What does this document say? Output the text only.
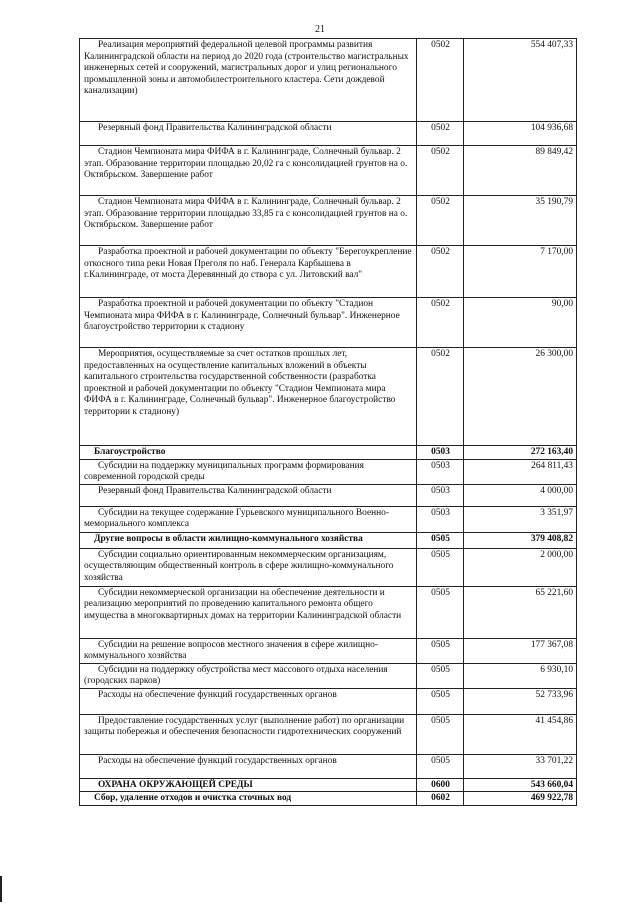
21
Реализация мероприятий федеральной целевой программы развития Калининградской области на период до 2020 года (строительство магистральных инженерных сетей и сооружений, магистральных дорог и улиц регионального промышленной зоны и автомобилестроительного кластера. Сети дождевой канализации)	0502	554 407,33
Резервный фонд Правительства Калининградской области	0502	104 936,68
Стадион Чемпионата мира ФИФА в г. Калининграде, Солнечный бульвар. 2 этап. Образование территории площадью 20,02 га с консолидацией грунтов на о. Октябрьском. Завершение работ	0502	89 849,42
Стадион Чемпионата мира ФИФА в г. Калининграде, Солнечный бульвар. 2 этап. Образование территории площадью 33,85 га с консолидацией грунтов на о. Октябрьском. Завершение работ	0502	35 190,79
Разработка проектной и рабочей документации по объекту "Берегоукрепление откосного типа реки Новая Преголя по наб. Генерала Карбышева в г.Калининграде, от моста Деревянный до створа с ул. Литовский вал"	0502	7 170,00
Разработка проектной и рабочей документации по объекту "Стадион Чемпионата мира ФИФА в г. Калининграде, Солнечный бульвар". Инженерное благоустройство территории к стадиону	0502	90,00
Мероприятия, осуществляемые за счет остатков прошлых лет, предоставленных на осуществление капитальных вложений в объекты капитального строительства государственной собственности (разработка проектной и рабочей документации по объекту "Стадион Чемпионата мира ФИФА в г. Калининграде, Солнечный бульвар". Инженерное благоустройство территории к стадиону)	0502	26 300,00
Благоустройство	0503	272 163,40
Субсидии на поддержку муниципальных программ формирования современной городской среды	0503	264 811,43
Резервный фонд Правительства Калининградской области	0503	4 000,00
Субсидии на текущее содержание Гурьевского муниципального Военно-мемориального комплекса	0503	3 351,97
Другие вопросы в области жилищно-коммунального хозяйства	0505	379 408,82
Субсидии социально ориентированным некоммерческим организациям, осуществляющим общественный контроль в сфере жилищно-коммунального хозяйства	0505	2 000,00
Субсидии некоммерческой организации на обеспечение деятельности и реализацию мероприятий по проведению капитального ремонта общего имущества в многоквартирных домах на территории Калининградской области	0505	65 221,60
Субсидии на решение вопросов местного значения в сфере жилищно-коммунального хозяйства	0505	177 367,08
Субсидии на поддержку обустройства мест массового отдыха населения (городских парков)	0505	6 930,10
Расходы на обеспечение функций государственных органов	0505	52 733,96
Предоставление государственных услуг (выполнение работ) по организации защиты побережья и обеспечения безопасности гидротехнических сооружений	0505	41 454,86
Расходы на обеспечение функций государственных органов	0505	33 701,22
ОХРАНА ОКРУЖАЮЩЕЙ СРЕДЫ	0600	543 660,04
Сбор, удаление отходов и очистка сточных вод	0602	469 922,78
